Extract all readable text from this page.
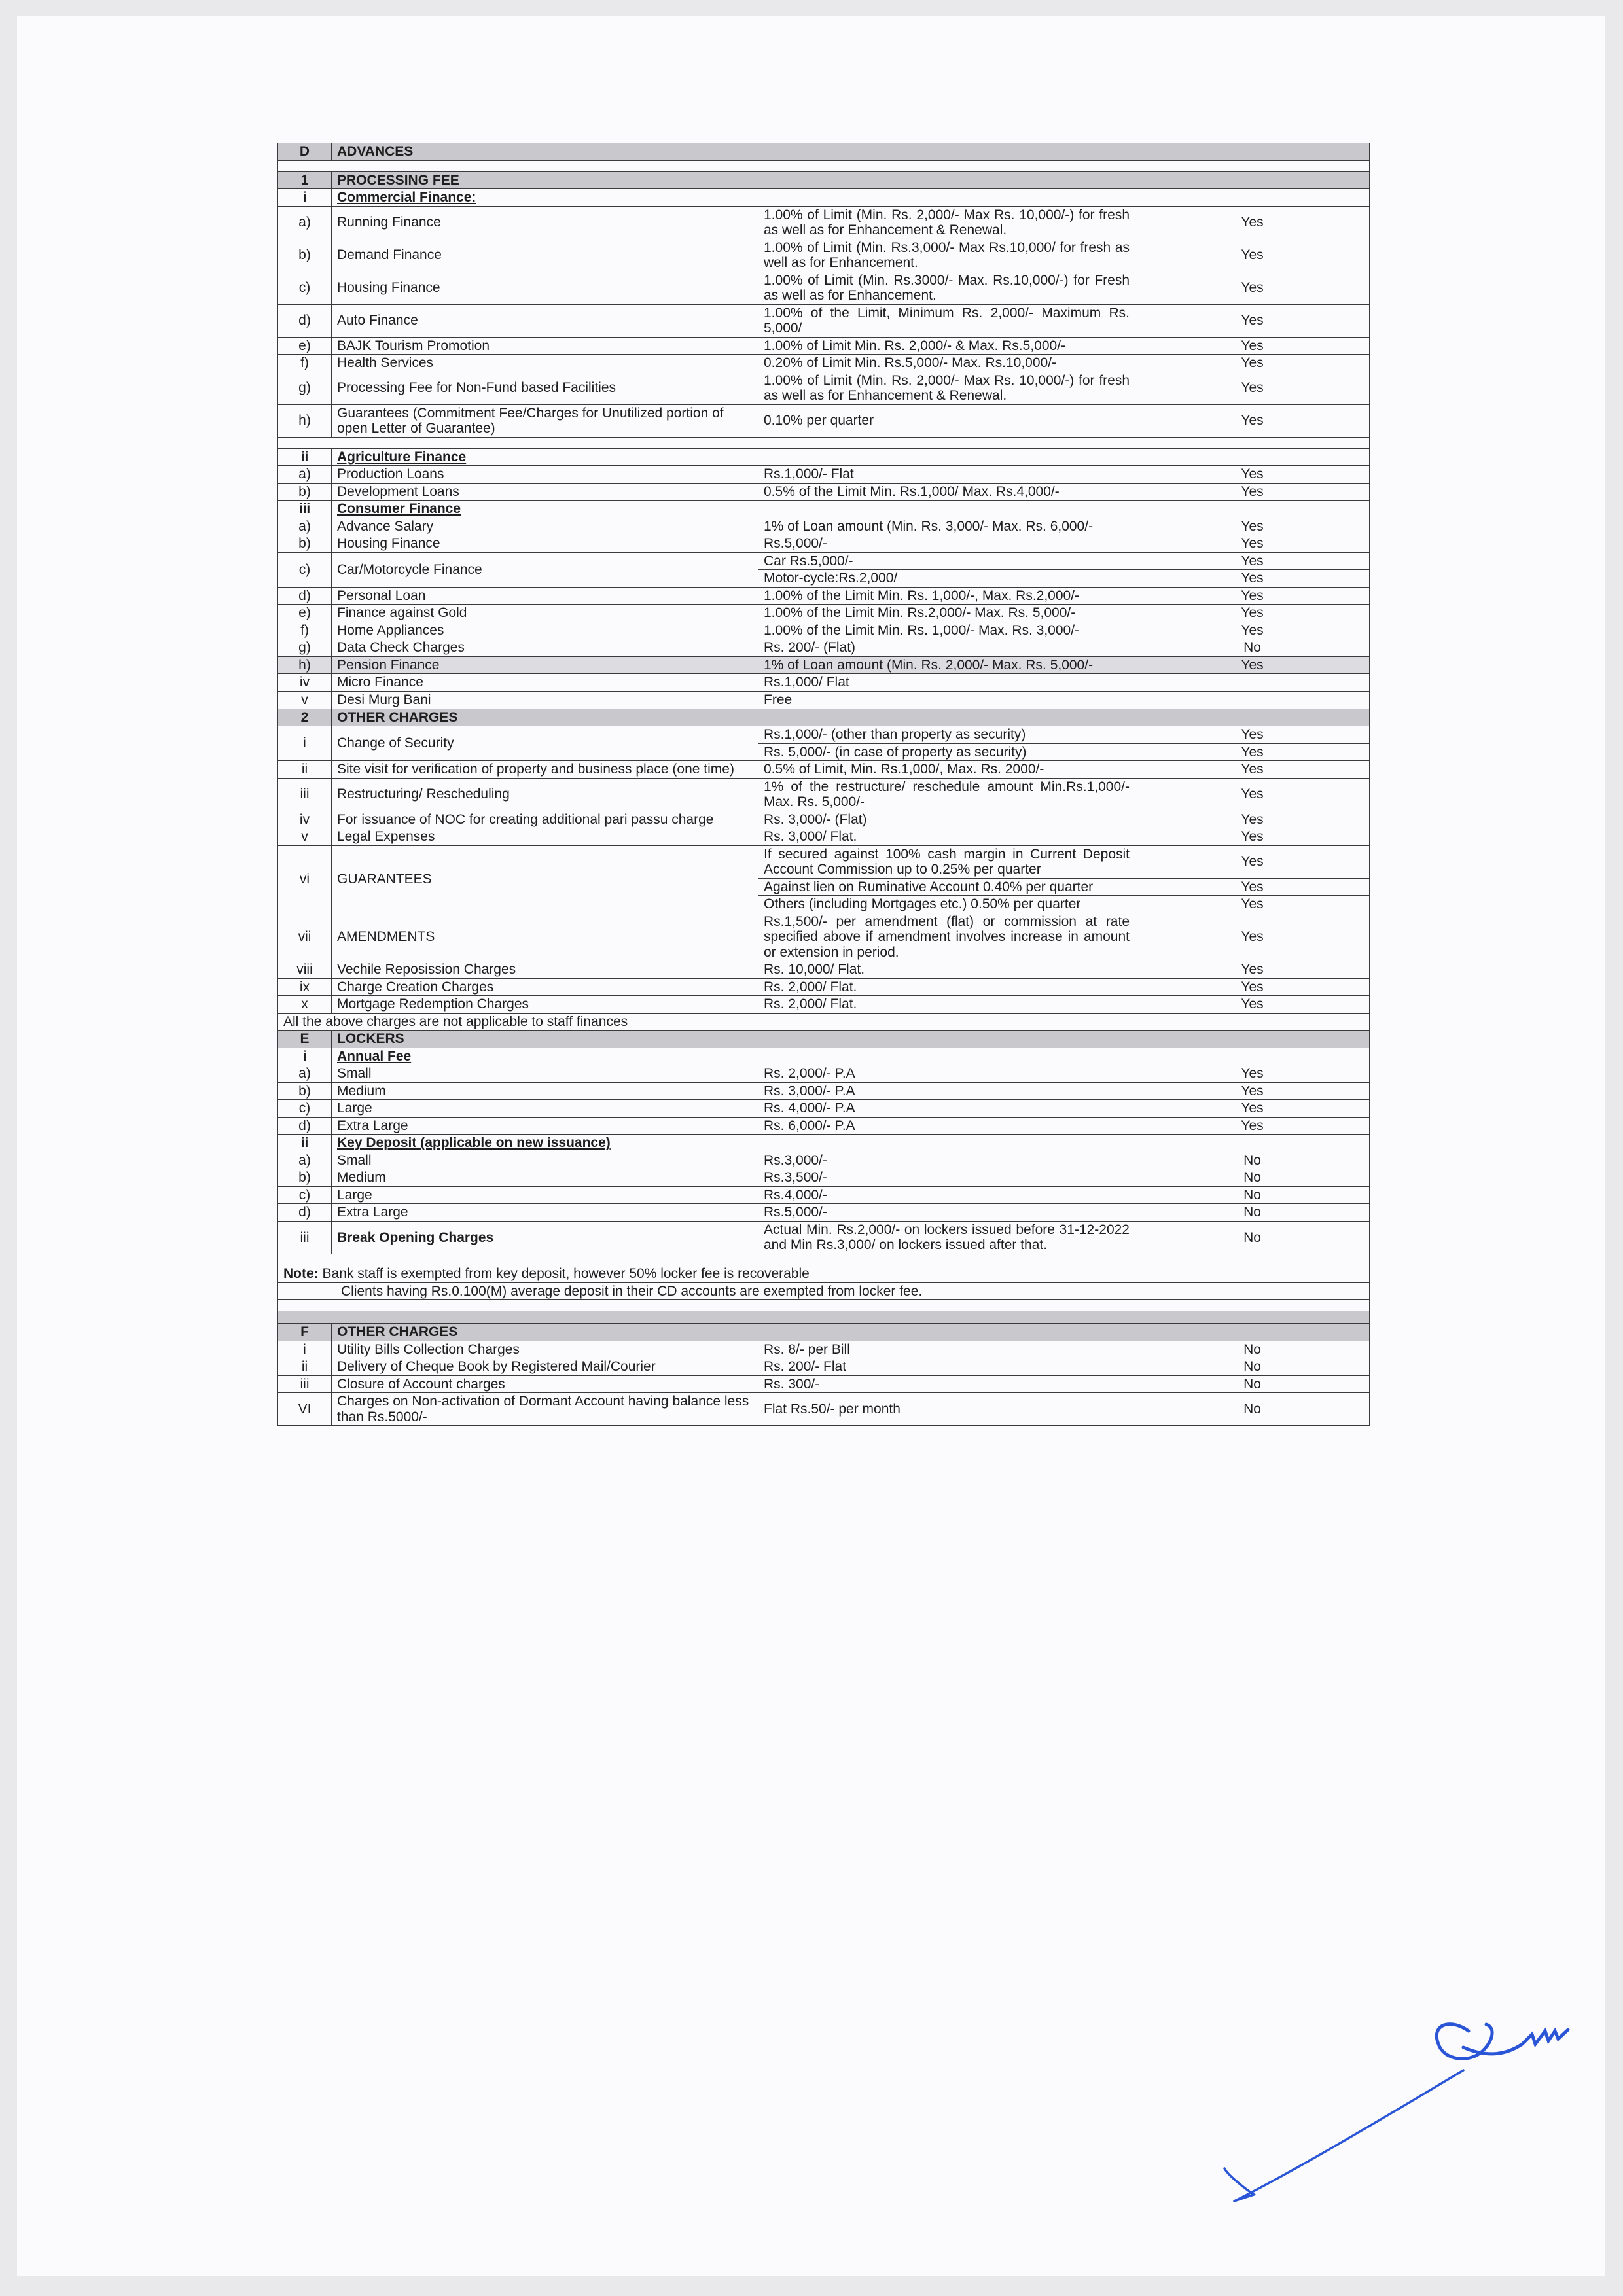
D	ADVANCES		

1	PROCESSING FEE		
i	Commercial Finance:		
a)	Running Finance	1.00% of Limit (Min. Rs. 2,000/- Max Rs. 10,000/-) for fresh as well as for Enhancement & Renewal.	Yes
b)	Demand Finance	1.00% of Limit (Min. Rs.3,000/- Max Rs.10,000/ for fresh as well as for Enhancement.	Yes
c)	Housing Finance	1.00% of Limit (Min. Rs.3000/- Max. Rs.10,000/-) for Fresh as well as for Enhancement.	Yes
d)	Auto Finance	1.00% of the Limit, Minimum Rs. 2,000/- Maximum Rs. 5,000/	Yes
e)	BAJK Tourism Promotion	1.00% of Limit Min. Rs. 2,000/- & Max. Rs.5,000/-	Yes
f)	Health Services	0.20% of Limit Min. Rs.5,000/- Max. Rs.10,000/-	Yes
g)	Processing Fee for Non-Fund based Facilities	1.00% of Limit (Min. Rs. 2,000/- Max Rs. 10,000/-) for fresh as well as for Enhancement & Renewal.	Yes
h)	Guarantees (Commitment Fee/Charges for Unutilized portion of open Letter of Guarantee)	0.10% per quarter	Yes

ii	Agriculture Finance		
a)	Production Loans	Rs.1,000/- Flat	Yes
b)	Development Loans	0.5% of the Limit Min. Rs.1,000/ Max. Rs.4,000/-	Yes
iii	Consumer Finance		
a)	Advance Salary	1% of Loan amount (Min. Rs. 3,000/- Max. Rs. 6,000/-	Yes
b)	Housing Finance	Rs.5,000/-	Yes
c)	Car/Motorcycle Finance	Car Rs.5,000/-	Yes
		Motor-cycle:Rs.2,000/	Yes
d)	Personal Loan	1.00% of the Limit Min. Rs. 1,000/-, Max. Rs.2,000/-	Yes
e)	Finance against Gold	1.00% of the Limit Min. Rs.2,000/- Max. Rs. 5,000/-	Yes
f)	Home Appliances	1.00% of the Limit Min. Rs. 1,000/- Max. Rs. 3,000/-	Yes
g)	Data Check Charges	Rs. 200/- (Flat)	No
h)	Pension Finance	1% of Loan amount (Min. Rs. 2,000/- Max. Rs. 5,000/-	Yes
iv	Micro Finance	Rs.1,000/ Flat	
v	Desi Murg Bani	Free	
2	OTHER CHARGES		
i	Change of Security	Rs.1,000/- (other than property as security)	Yes
		Rs. 5,000/- (in case of property as security)	Yes
ii	Site visit for verification of property and business place (one time)	0.5% of Limit, Min. Rs.1,000/, Max. Rs. 2000/-	Yes
iii	Restructuring/ Rescheduling	1% of the restructure/ reschedule amount Min.Rs.1,000/- Max. Rs. 5,000/-	Yes
iv	For issuance of NOC for creating additional pari passu charge	Rs. 3,000/- (Flat)	Yes
v	Legal Expenses	Rs. 3,000/ Flat.	Yes
vi	GUARANTEES	If secured against 100% cash margin in Current Deposit Account Commission up to 0.25% per quarter	Yes
		Against lien on Ruminative Account 0.40% per quarter	Yes
		Others (including Mortgages etc.) 0.50% per quarter	Yes
vii	AMENDMENTS	Rs.1,500/- per amendment (flat) or commission at rate specified above if amendment involves increase in amount or extension in period.	Yes
viii	Vechile Reposission Charges	Rs. 10,000/ Flat.	Yes
ix	Charge Creation Charges	Rs. 2,000/ Flat.	Yes
x	Mortgage Redemption Charges	Rs. 2,000/ Flat.	Yes
All the above charges are not applicable to staff finances			
E	LOCKERS		
i	Annual Fee		
a)	Small	Rs. 2,000/- P.A	Yes
b)	Medium	Rs. 3,000/- P.A	Yes
c)	Large	Rs. 4,000/- P.A	Yes
d)	Extra Large	Rs. 6,000/- P.A	Yes
ii	Key Deposit (applicable on new issuance)		
a)	Small	Rs.3,000/-	No
b)	Medium	Rs.3,500/-	No
c)	Large	Rs.4,000/-	No
d)	Extra Large	Rs.5,000/-	No
iii	Break Opening Charges	Actual Min. Rs.2,000/- on lockers issued before 31-12-2022 and Min Rs.3,000/ on lockers issued after that.	No

Note: Bank staff is exempted from key deposit, however 50% locker fee is recoverable			
Clients having Rs.0.100(M) average deposit in their CD accounts are exempted from locker fee.			

F	OTHER CHARGES		
i	Utility Bills Collection Charges	Rs. 8/- per Bill	No
ii	Delivery of Cheque Book by Registered Mail/Courier	Rs. 200/- Flat	No
iii	Closure of Account charges	Rs. 300/-	No
VI	Charges on Non-activation of Dormant Account having balance less than Rs.5000/-	Flat Rs.50/- per month	No
